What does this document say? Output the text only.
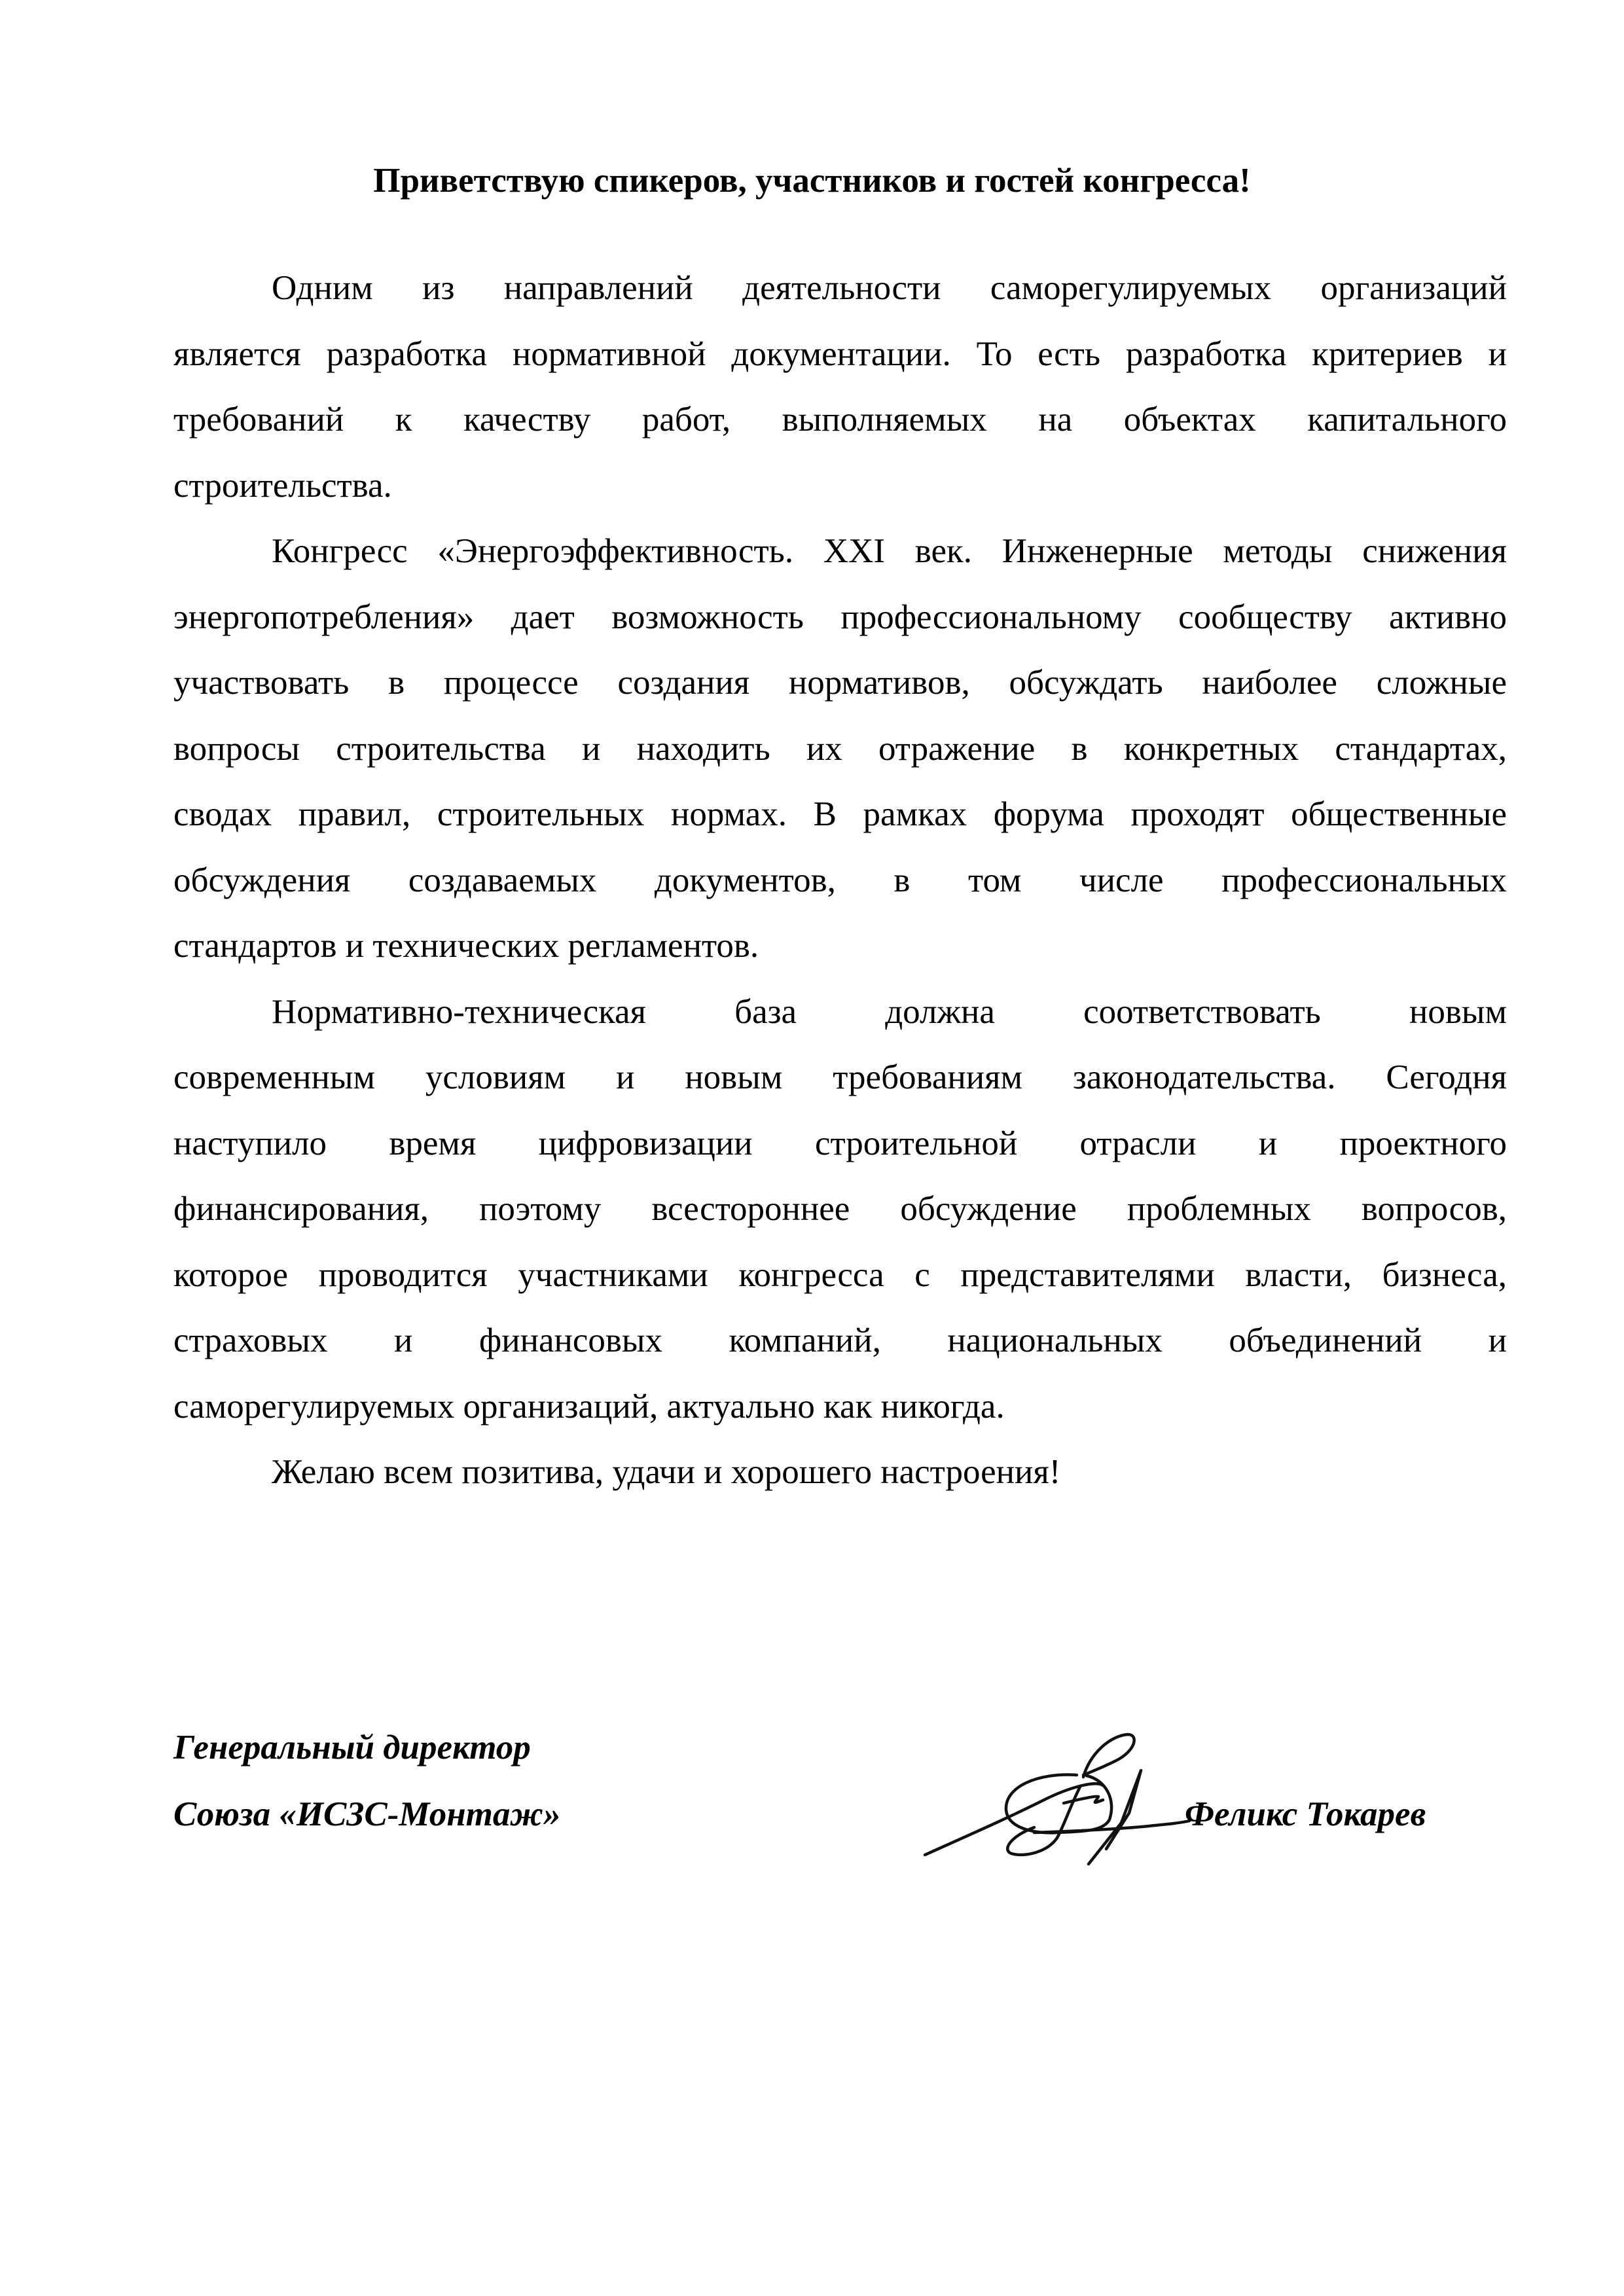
Приветствую спикеров, участников и гостей конгресса!
Одним из направлений деятельности саморегулируемых организаций
является разработка нормативной документации. То есть разработка критериев и
требований к качеству работ, выполняемых на объектах капитального
строительства.
Конгресс «Энергоэффективность. XXI век. Инженерные методы снижения
энергопотребления» дает возможность профессиональному сообществу активно
участвовать в процессе создания нормативов, обсуждать наиболее сложные
вопросы строительства и находить их отражение в конкретных стандартах,
сводах правил, строительных нормах. В рамках форума проходят общественные
обсуждения создаваемых документов, в том числе профессиональных
стандартов и технических регламентов.
Нормативно-техническая база должна соответствовать новым
современным условиям и новым требованиям законодательства. Сегодня
наступило время цифровизации строительной отрасли и проектного
финансирования, поэтому всестороннее обсуждение проблемных вопросов,
которое проводится участниками конгресса с представителями власти, бизнеса,
страховых и финансовых компаний, национальных объединений и
саморегулируемых организаций, актуально как никогда.
Желаю всем позитива, удачи и хорошего настроения!
Генеральный директор
Союза «ИСЗС-Монтаж»	Феликс Токарев
